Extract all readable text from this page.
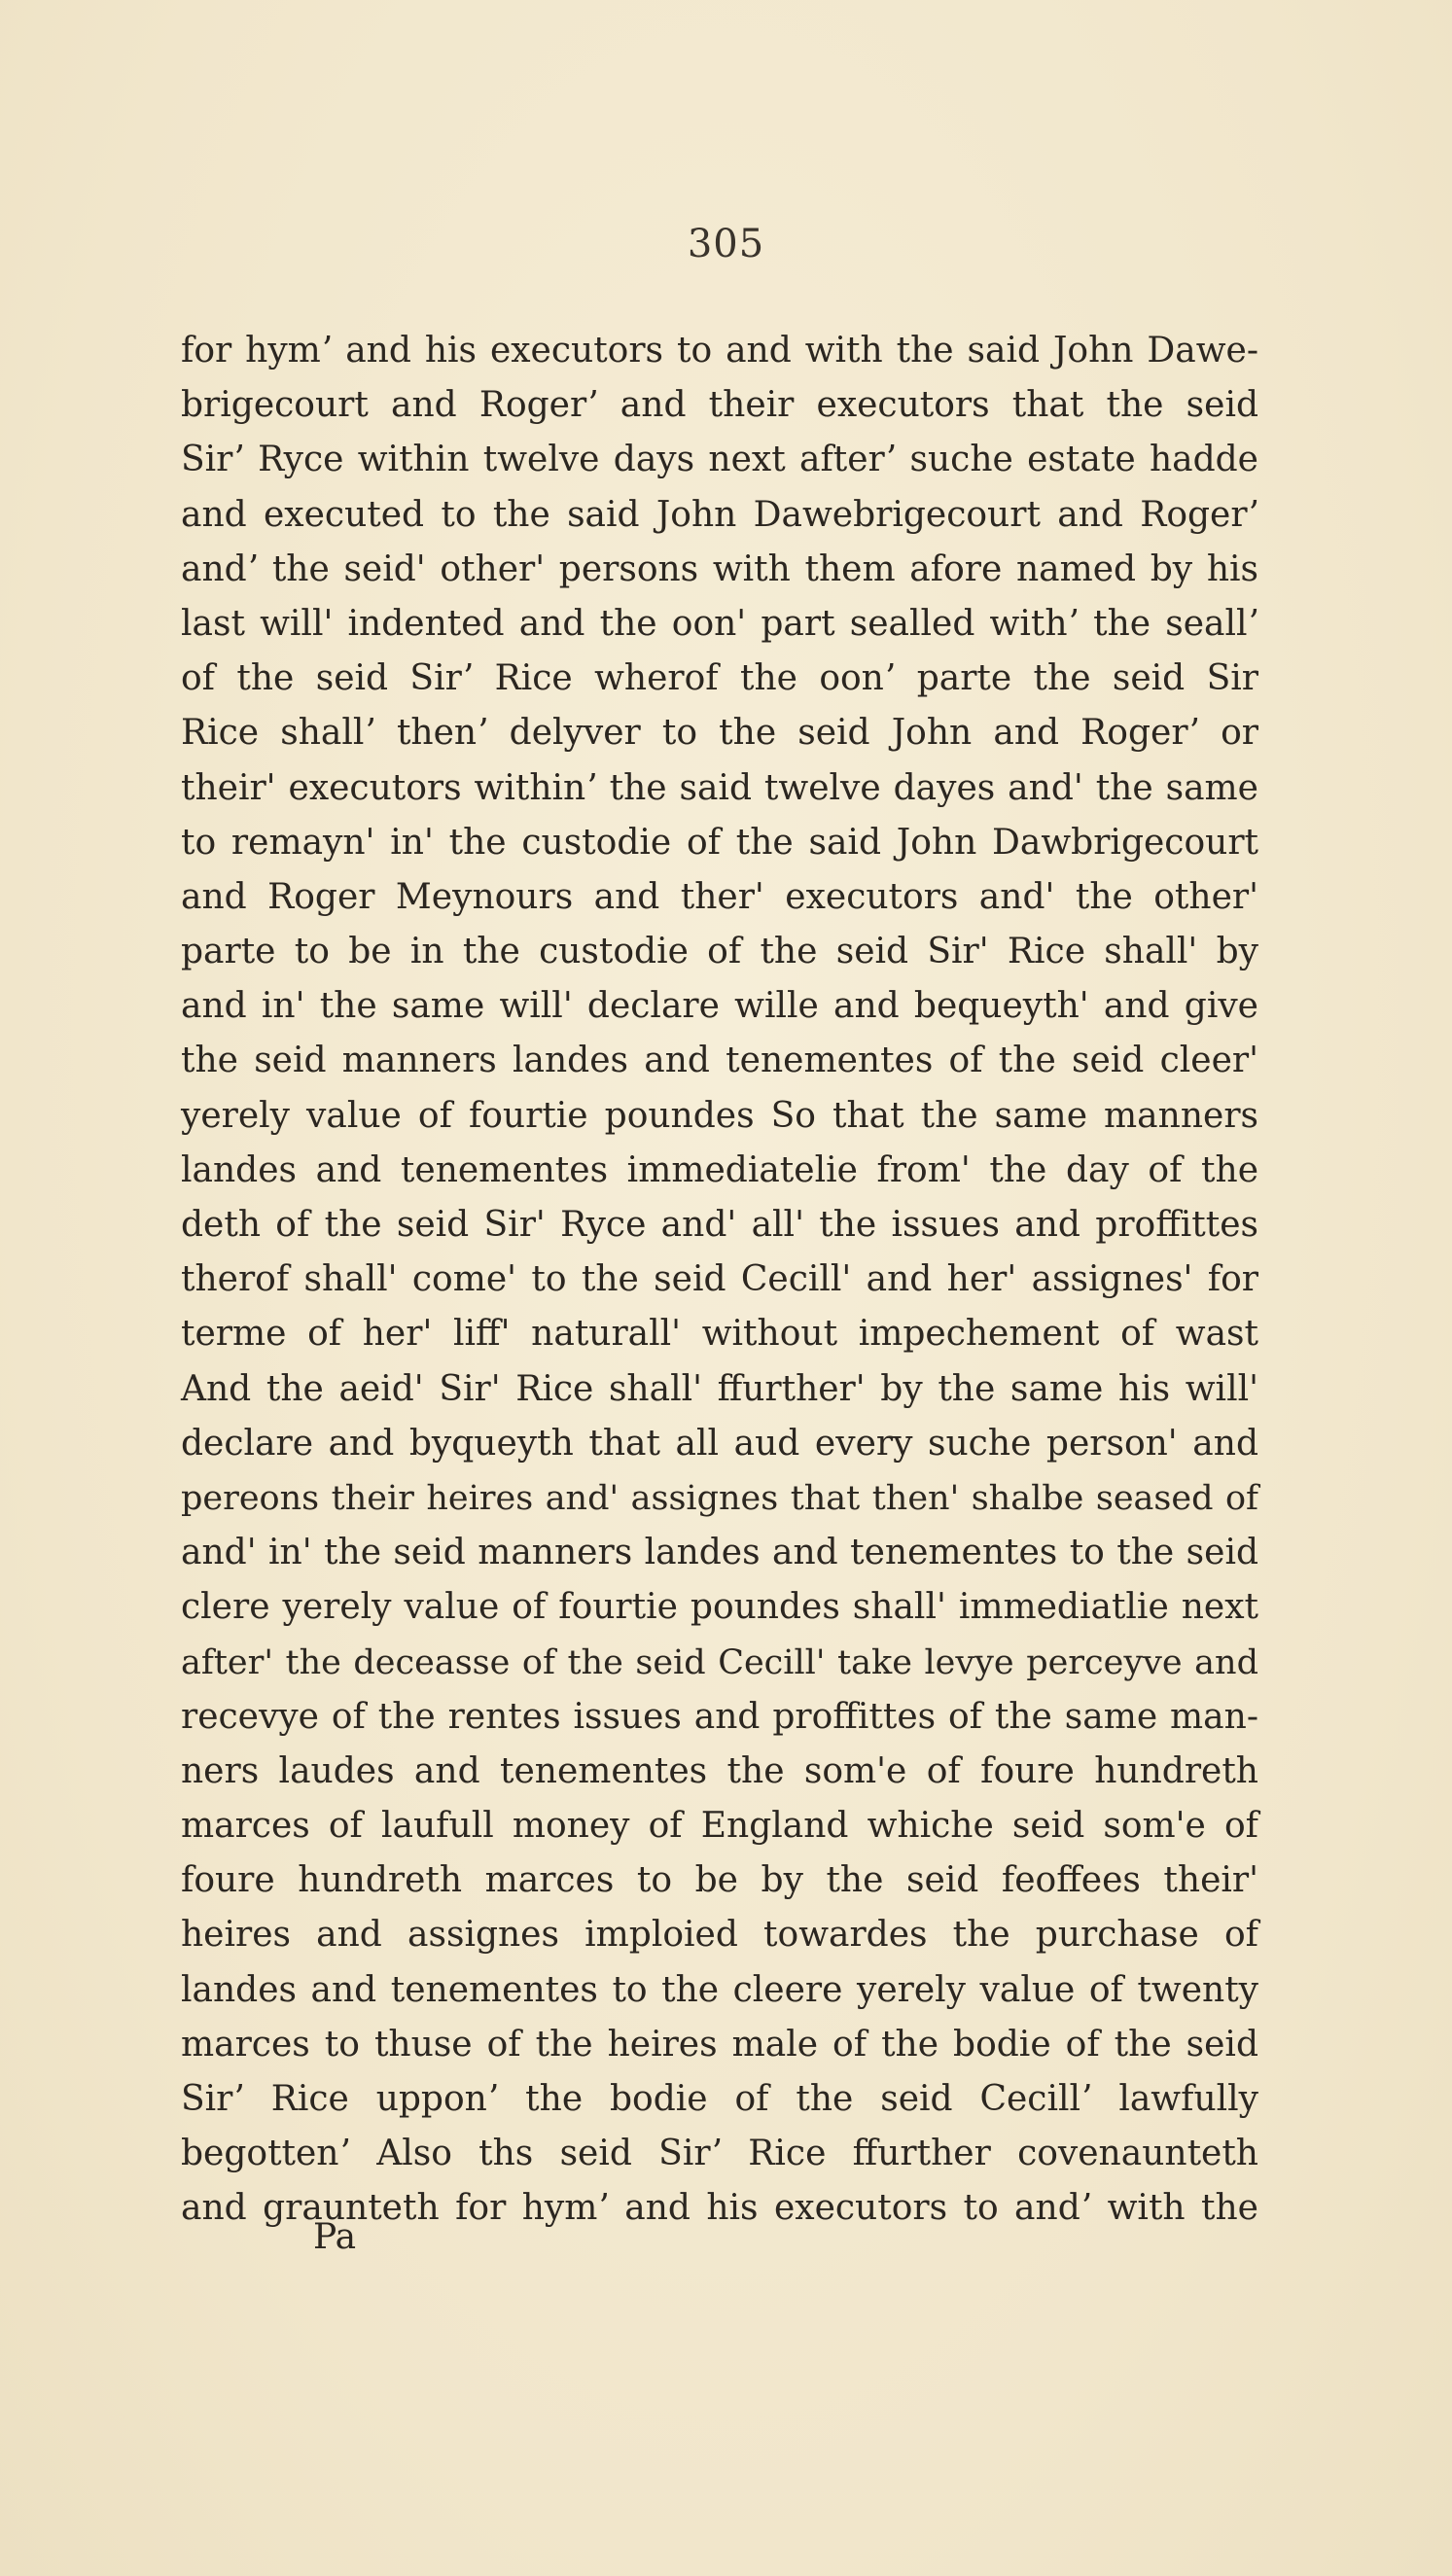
305
for hymʼ and his executors to and with the said John Dawe-
brigecourt and Rogerʼ and their executors that the seid
Sirʼ Ryce within twelve days next afterʼ suche estate hadde
and executed to the said John Dawebrigecourt and Rogerʼ
andʼ the seid' other' persons with them afore named by his
last will' indented and the oon' part sealled withʼ the seallʼ
of the seid Sirʼ Rice wherof the oonʼ parte the seid Sir
Rice shallʼ thenʼ delyver to the seid John and Rogerʼ or
their' executors withinʼ the said twelve dayes and' the same
to remayn' in' the custodie of the said John Dawbrigecourt
and Roger Meynours and ther' executors and' the other'
parte to be in the custodie of the seid Sir' Rice shall' by
and in' the same will' declare wille and bequeyth' and give
the seid manners landes and tenementes of the seid cleer'
yerely value of fourtie poundes So that the same manners
landes and tenementes immediatelie from' the day of the
deth of the seid Sir' Ryce and' all' the issues and proffittes
therof shall' come' to the seid Cecill' and her' assignes' for
terme of her' liff' naturall' without impechement of wast
And the aeid' Sir' Rice shall' ffurther' by the same his will'
declare and byqueyth that all aud every suche person' and
pereons their heires and' assignes that then' shalbe seased of
and' in' the seid manners landes and tenementes to the seid
clere yerely value of fourtie poundes shall' immediatlie next
after' the deceasse of the seid Cecill' take levye perceyve and
recevye of the rentes issues and proffittes of the same man-
ners laudes and tenementes the som'e of foure hundreth
marces of laufull money of England whiche seid som'e of
foure hundreth marces to be by the seid feoffees their'
heires and assignes imploied towardes the purchase of
landes and tenementes to the cleere yerely value of twenty
marces to thuse of the heires male of the bodie of the seid
Sirʼ Rice upponʼ the bodie of the seid Cecillʼ lawfully
begottenʼ Also ths seid Sirʼ Rice ffurther covenaunteth
and graunteth for hymʼ and his executors to andʼ with the
Pa
